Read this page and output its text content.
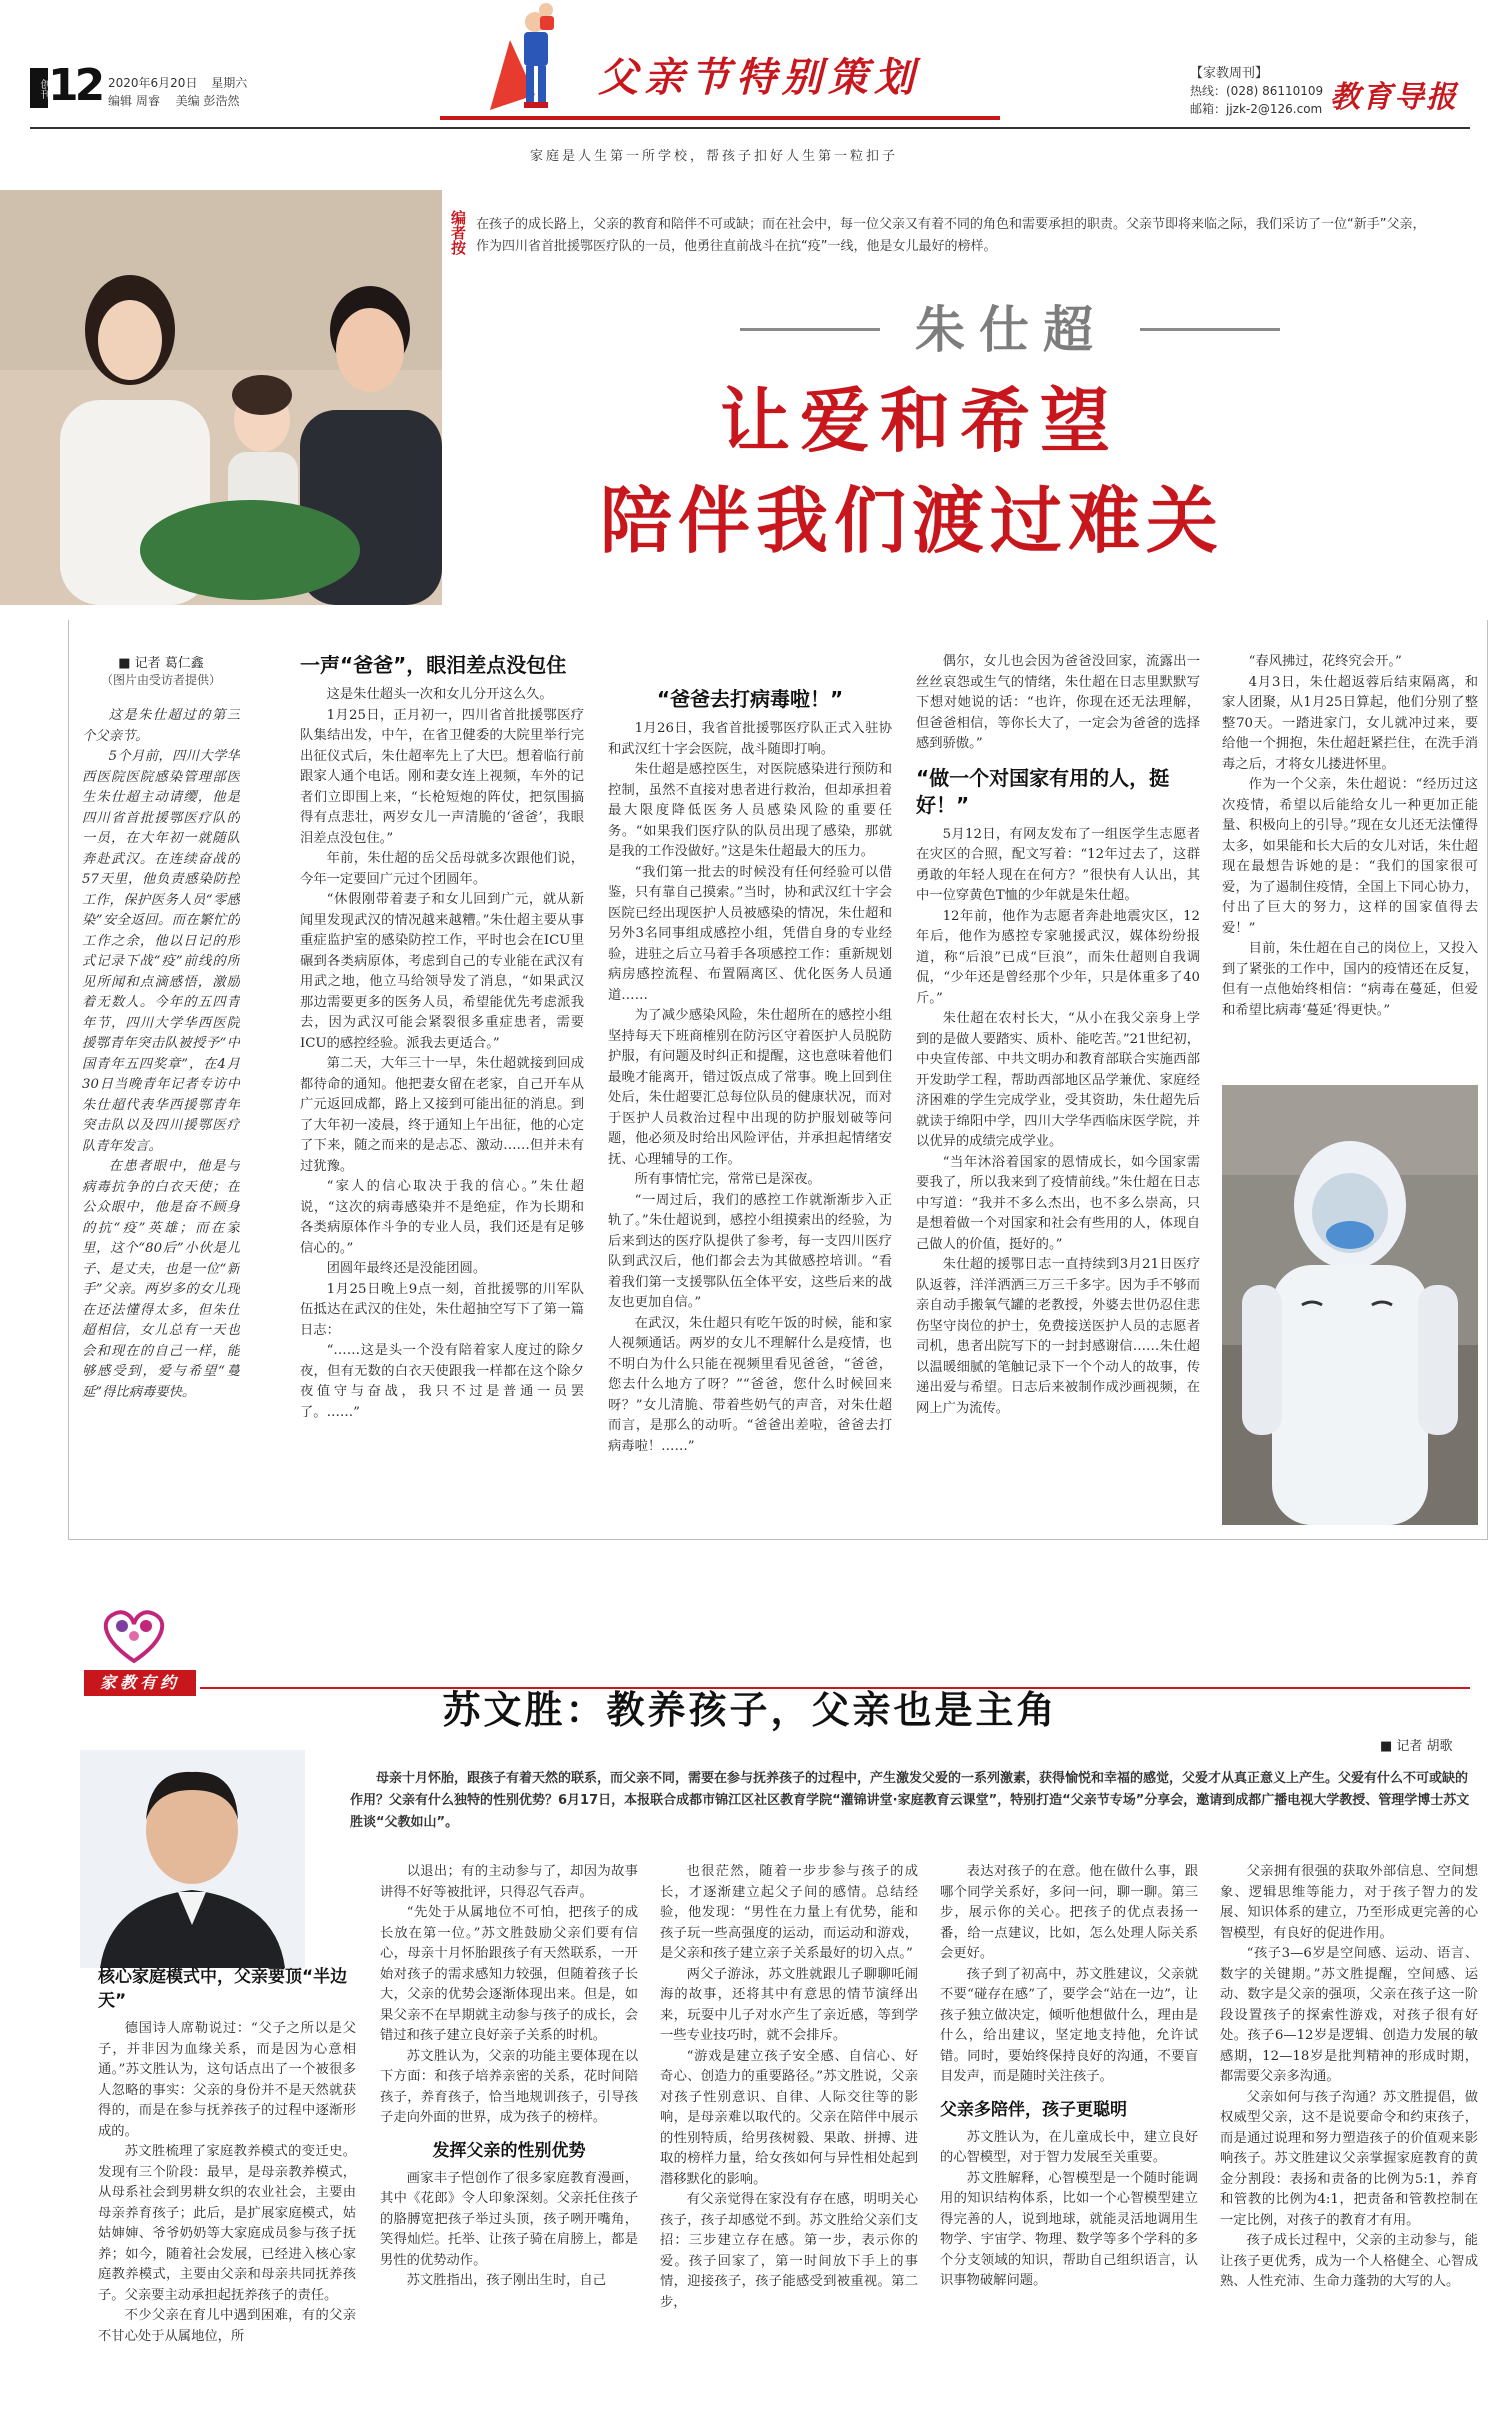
创刊 12 2020年6月20日 星期六
编辑 周睿 美编 彭浩然	父亲节特别策划
家庭是人生第一所学校，帮孩子扣好人生第一粒扣子
【家教周刊】
热线：(028) 86110109
邮箱：jjzk-2@126.com 教育导报
编者按 在孩子的成长路上，父亲的教育和陪伴不可或缺；而在社会中，每一位父亲又有着不同的角色和需要承担的职责。父亲节即将来临之际，我们采访了一位“新手”父亲，作为四川省首批援鄂医疗队的一员，他勇往直前战斗在抗“疫”一线，他是女儿最好的榜样。
朱仕超
让爱和希望
陪伴我们渡过难关
■ 记者 葛仁鑫
（图片由受访者提供）

这是朱仕超过的第三个父亲节。

5个月前，四川大学华西医院医院感染管理部医生朱仕超主动请缨，他是四川省首批援鄂医疗队的一员，在大年初一就随队奔赴武汉。在连续奋战的57天里，他负责感染防控工作，保护医务人员“零感染”安全返回。而在繁忙的工作之余，他以日记的形式记录下战“疫”前线的所见所闻和点滴感悟，激励着无数人。今年的五四青年节，四川大学华西医院援鄂青年突击队被授予“中国青年五四奖章”，在4月30日当晚青年记者专访中朱仕超代表华西援鄂青年突击队以及四川援鄂医疗队青年发言。

在患者眼中，他是与病毒抗争的白衣天使；在公众眼中，他是奋不顾身的抗“疫”英雄；而在家里，这个“80后”小伙是儿子、是丈夫，也是一位“新手”父亲。两岁多的女儿现在还法懂得太多，但朱仕超相信，女儿总有一天也会和现在的自己一样，能够感受到，爱与希望“蔓延”得比病毒要快。

一声“爸爸”，眼泪差点没包住

这是朱仕超头一次和女儿分开这么久。

1月25日，正月初一，四川省首批援鄂医疗队集结出发，中午，在省卫健委的大院里举行完出征仪式后，朱仕超率先上了大巴。想着临行前跟家人通个电话。刚和妻女连上视频，车外的记者们立即围上来，“长枪短炮的阵仗，把氛围搞得有点悲壮，两岁女儿一声清脆的‘爸爸’，我眼泪差点没包住。”

年前，朱仕超的岳父岳母就多次跟他们说，今年一定要回广元过个团圆年。

“休假刚带着妻子和女儿回到广元，就从新闻里发现武汉的情况越来越糟。”朱仕超主要从事重症监护室的感染防控工作，平时也会在ICU里碾到各类病原体，考虑到自己的专业能在武汉有用武之地，他立马给领导发了消息，“如果武汉那边需要更多的医务人员，希望能优先考虑派我去，因为武汉可能会紧裂很多重症患者，需要ICU的感控经验。派我去更适合。”

第二天，大年三十一早，朱仕超就接到回成都待命的通知。他把妻女留在老家，自己开车从广元返回成都，路上又接到可能出征的消息。到了大年初一凌晨，终于通知上午出征，他的心定了下来，随之而来的是忐忑、激动……但并未有过犹豫。

“家人的信心取决于我的信心。”朱仕超说，“这次的病毒感染并不是绝症，作为长期和各类病原体作斗争的专业人员，我们还是有足够信心的。”

团圆年最终还是没能团圆。

1月25日晚上9点一刻，首批援鄂的川军队伍抵达在武汉的住处，朱仕超抽空写下了第一篇日志：

“……这是头一个没有陪着家人度过的除夕夜，但有无数的白衣天使跟我一样都在这个除夕夜值守与奋战，我只不过是普通一员罢了。……”

“爸爸去打病毒啦！”

1月26日，我省首批援鄂医疗队正式入驻协和武汉红十字会医院，战斗随即打响。

朱仕超是感控医生，对医院感染进行预防和控制，虽然不直接对患者进行救治，但却承担着最大限度降低医务人员感染风险的重要任务。“如果我们医疗队的队员出现了感染，那就是我的工作没做好。”这是朱仕超最大的压力。

“我们第一批去的时候没有任何经验可以借鉴，只有靠自己摸索。”当时，协和武汉红十字会医院已经出现医护人员被感染的情况，朱仕超和另外3名同事组成感控小组，凭借自身的专业经验，进驻之后立马着手各项感控工作：重新规划病房感控流程、布置隔离区、优化医务人员通道……

为了减少感染风险，朱仕超所在的感控小组坚持每天下班商榷别在防污区守着医护人员脱防护服，有问题及时纠正和提醒，这也意味着他们最晚才能离开，错过饭点成了常事。晚上回到住处后，朱仕超要汇总每位队员的健康状况，而对于医护人员救治过程中出现的防护服划破等问题，他必须及时给出风险评估，并承担起情绪安抚、心理辅导的工作。

所有事情忙完，常常已是深夜。

“一周过后，我们的感控工作就渐渐步入正轨了。”朱仕超说到，感控小组摸索出的经验，为后来到达的医疗队提供了参考，每一支四川医疗队到武汉后，他们都会去为其做感控培训。“看着我们第一支援鄂队伍全体平安，这些后来的战友也更加自信。”

在武汉，朱仕超只有吃午饭的时候，能和家人视频通话。两岁的女儿不理解什么是疫情，也不明白为什么只能在视频里看见爸爸，“爸爸，您去什么地方了呀？”“爸爸，您什么时候回来呀？”女儿清脆、带着些奶气的声音，对朱仕超而言，是那么的动听。“爸爸出差啦，爸爸去打病毒啦！……”

偶尔，女儿也会因为爸爸没回家，流露出一丝丝哀怨或生气的情绪，朱仕超在日志里默默写下想对她说的话：“也许，你现在还无法理解，但爸爸相信，等你长大了，一定会为爸爸的选择感到骄傲。”

“做一个对国家有用的人，挺好！”

5月12日，有网友发布了一组医学生志愿者在灾区的合照，配文写着：“12年过去了，这群勇敢的年轻人现在在何方？”很快有人认出，其中一位穿黄色T恤的少年就是朱仕超。

12年前，他作为志愿者奔赴地震灾区，12年后，他作为感控专家驰援武汉，媒体纷纷报道，称“后浪”已成“巨浪”，而朱仕超则自我调侃，“少年还是曾经那个少年，只是体重多了40斤。”

朱仕超在农村长大，“从小在我父亲身上学到的是做人要踏实、质朴、能吃苦。”21世纪初，中央宣传部、中共文明办和教育部联合实施西部开发助学工程，帮助西部地区品学兼优、家庭经济困难的学生完成学业，受其资助，朱仕超先后就读于绵阳中学，四川大学华西临床医学院，并以优异的成绩完成学业。

“当年沐浴着国家的恩情成长，如今国家需要我了，所以我来到了疫情前线。”朱仕超在日志中写道：“我并不多么杰出，也不多么崇高，只是想着做一个对国家和社会有些用的人，体现自己做人的价值，挺好的。”

朱仕超的援鄂日志一直持续到3月21日医疗队返蓉，洋洋洒洒三万三千多字。因为手不够而亲自动手搬氧气罐的老教授，外婆去世仍忍住悲伤坚守岗位的护士，免费接送医护人员的志愿者司机，患者出院写下的一封封感谢信……朱仕超以温暖细腻的笔触记录下一个个动人的故事，传递出爱与希望。日志后来被制作成沙画视频，在网上广为流传。

“春风拂过，花终究会开。”

4月3日，朱仕超返蓉后结束隔离，和家人团聚，从1月25日算起，他们分别了整整70天。一踏进家门，女儿就冲过来，要给他一个拥抱，朱仕超赶紧拦住，在洗手消毒之后，才将女儿搂进怀里。

作为一个父亲，朱仕超说：“经历过这次疫情，希望以后能给女儿一种更加正能量、积极向上的引导。”现在女儿还无法懂得太多，如果能和长大后的女儿对话，朱仕超现在最想告诉她的是：“我们的国家很可爱，为了遏制住疫情，全国上下同心协力，付出了巨大的努力，这样的国家值得去爱！”

目前，朱仕超在自己的岗位上，又投入到了紧张的工作中，国内的疫情还在反复，但有一点他始终相信：“病毒在蔓延，但爱和希望比病毒‘蔓延’得更快。”

家教有约
苏文胜：教养孩子，父亲也是主角
■ 记者 胡歌
母亲十月怀胎，跟孩子有着天然的联系，而父亲不同，需要在参与抚养孩子的过程中，产生激发父爱的一系列激素，获得愉悦和幸福的感觉，父爱才从真正意义上产生。父爱有什么不可或缺的作用？父亲有什么独特的性别优势？6月17日，本报联合成都市锦江区社区教育学院“灌锦讲堂·家庭教育云课堂”，特别打造“父亲节专场”分享会，邀请到成都广播电视大学教授、管理学博士苏文胜谈“父教如山”。
核心家庭模式中，父亲要顶“半边天”

德国诗人席勒说过：“父子之所以是父子，并非因为血缘关系，而是因为心意相通。”苏文胜认为，这句话点出了一个被很多人忽略的事实：父亲的身份并不是天然就获得的，而是在参与抚养孩子的过程中逐渐形成的。

苏文胜梳理了家庭教养模式的变迁史。发现有三个阶段：最早，是母亲教养模式，从母系社会到男耕女织的农业社会，主要由母亲养育孩子；此后，是扩展家庭模式，姑姑婶婶、爷爷奶奶等大家庭成员参与孩子抚养；如今，随着社会发展，已经进入核心家庭教养模式，主要由父亲和母亲共同抚养孩子。父亲要主动承担起抚养孩子的责任。

不少父亲在育儿中遇到困难，有的父亲不甘心处于从属地位，所

以退出；有的主动参与了，却因为故事讲得不好等被批评，只得忍气吞声。

“先处于从属地位不可怕，把孩子的成长放在第一位。”苏文胜鼓励父亲们要有信心，母亲十月怀胎跟孩子有天然联系，一开始对孩子的需求感知力较强，但随着孩子长大，父亲的优势会逐渐体现出来。但是，如果父亲不在早期就主动参与孩子的成长，会错过和孩子建立良好亲子关系的时机。

苏文胜认为，父亲的功能主要体现在以下方面：和孩子培养亲密的关系，花时间陪孩子，养育孩子，恰当地规训孩子，引导孩子走向外面的世界，成为孩子的榜样。

发挥父亲的性别优势

画家丰子恺创作了很多家庭教育漫画，其中《花郎》令人印象深刻。父亲托住孩子的胳膊宽把孩子举过头顶，孩子咧开嘴角，笑得灿烂。托举、让孩子骑在肩膀上，都是男性的优势动作。

苏文胜指出，孩子刚出生时，自己

也很茫然，随着一步步参与孩子的成长，才逐渐建立起父子间的感情。总结经验，他发现：“男性在力量上有优势，能和孩子玩一些高强度的运动，而运动和游戏，是父亲和孩子建立亲子关系最好的切入点。”

两父子游泳，苏文胜就跟儿子聊聊吒闹海的故事，还将其中有意思的情节演绎出来，玩耍中儿子对水产生了亲近感，等到学一些专业技巧时，就不会排斥。

“游戏是建立孩子安全感、自信心、好奇心、创造力的重要路径。”苏文胜说，父亲对孩子性别意识、自律、人际交往等的影响，是母亲难以取代的。父亲在陪伴中展示的性别特质，给男孩树毅、果敢、拼搏、进取的榜样力量，给女孩如何与异性相处起到潜移默化的影响。

有父亲觉得在家没有存在感，明明关心孩子，孩子却感觉不到。苏文胜给父亲们支招：三步建立存在感。第一步，表示你的爱。孩子回家了，第一时间放下手上的事情，迎接孩子，孩子能感受到被重视。第二步，

表达对孩子的在意。他在做什么事，跟哪个同学关系好，多问一问，聊一聊。第三步，展示你的关心。把孩子的优点表扬一番，给一点建议，比如，怎么处理人际关系会更好。

孩子到了初高中，苏文胜建议，父亲就不要“碰存在感”了，要学会“站在一边”，让孩子独立做决定，倾听他想做什么，理由是什么，给出建议，坚定地支持他，允许试错。同时，要始终保持良好的沟通，不要盲目发声，而是随时关注孩子。

父亲多陪伴，孩子更聪明

苏文胜认为，在儿童成长中，建立良好的心智模型，对于智力发展至关重要。

苏文胜解释，心智模型是一个随时能调用的知识结构体系，比如一个心智模型建立得完善的人，说到地球，就能灵活地调用生物学、宇宙学、物理、数学等多个学科的多个分支领域的知识，帮助自己组织语言，认识事物破解问题。

父亲拥有很强的获取外部信息、空间想象、逻辑思维等能力，对于孩子智力的发展、知识体系的建立，乃至形成更完善的心智模型，有良好的促进作用。

“孩子3—6岁是空间感、运动、语言、数字的关键期。”苏文胜提醒，空间感、运动、数字是父亲的强项，父亲在孩子这一阶段设置孩子的探索性游戏，对孩子很有好处。孩子6—12岁是逻辑、创造力发展的敏感期，12—18岁是批判精神的形成时期，都需要父亲多沟通。

父亲如何与孩子沟通？苏文胜提倡，做权威型父亲，这不是说要命令和约束孩子，而是通过说理和努力塑造孩子的价值观来影响孩子。苏文胜建议父亲掌握家庭教育的黄金分割段：表扬和责备的比例为5:1，养育和管教的比例为4:1，把责备和管教控制在一定比例，对孩子的教育才有用。

孩子成长过程中，父亲的主动参与，能让孩子更优秀，成为一个人格健全、心智成熟、人性充沛、生命力蓬勃的大写的人。
